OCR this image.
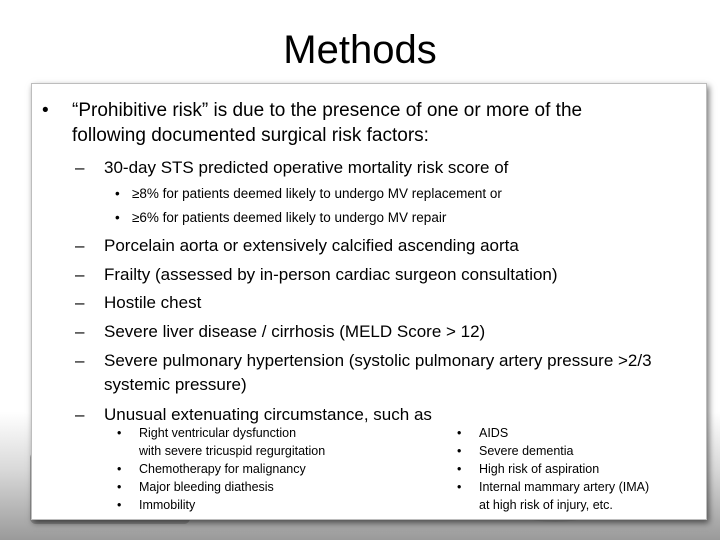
Methods
• “Prohibitive risk” is due to the presence of one or more of the
following documented surgical risk factors:
– 30-day STS predicted operative mortality risk score of
• ≥8% for patients deemed likely to undergo MV replacement or
• ≥6% for patients deemed likely to undergo MV repair
– Porcelain aorta or extensively calcified ascending aorta
– Frailty (assessed by in-person cardiac surgeon consultation)
– Hostile chest
– Severe liver disease / cirrhosis (MELD Score > 12)
– Severe pulmonary hypertension (systolic pulmonary artery pressure >2/3
systemic pressure)
– Unusual extenuating circumstance, such as
• Right ventricular dysfunction
with severe tricuspid regurgitation
• Chemotherapy for malignancy
• Major bleeding diathesis
• Immobility
• AIDS
• Severe dementia
• High risk of aspiration
• Internal mammary artery (IMA)
at high risk of injury, etc.
